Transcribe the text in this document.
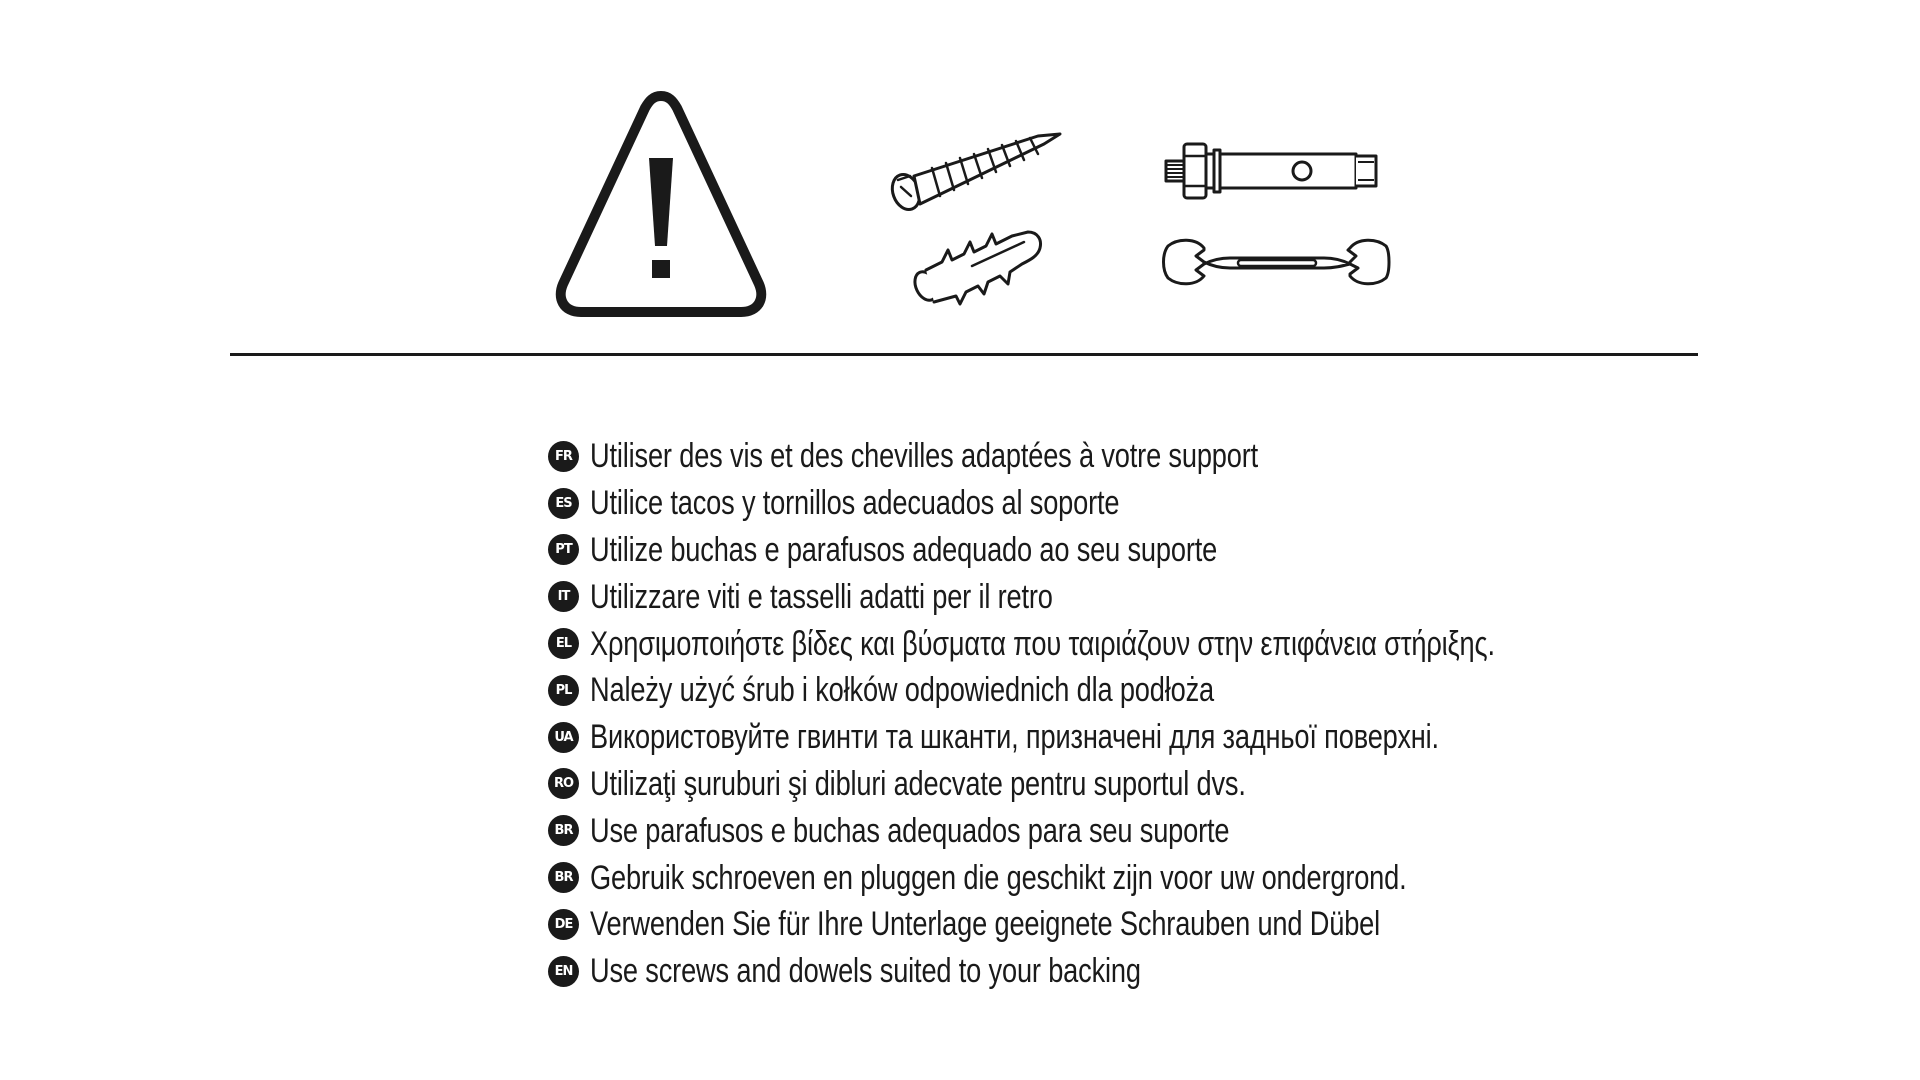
FR Utiliser des vis et des chevilles adaptées à votre support
ES Utilice tacos y tornillos adecuados al soporte
PT Utilize buchas e parafusos adequado ao seu suporte
IT Utilizzare viti e tasselli adatti per il retro
EL Χρησιμοποιήστε βίδες και βύσματα που ταιριάζουν στην επιφάνεια στήριξης.
PL Należy użyć śrub i kołków odpowiednich dla podłoża
UA Використовуйте гвинти та шканти, призначені для задньої поверхні.
RO Utilizaţi şuruburi şi dibluri adecvate pentru suportul dvs.
BR Use parafusos e buchas adequados para seu suporte
BR Gebruik schroeven en pluggen die geschikt zijn voor uw ondergrond.
DE Verwenden Sie für Ihre Unterlage geeignete Schrauben und Dübel
EN Use screws and dowels suited to your backing
